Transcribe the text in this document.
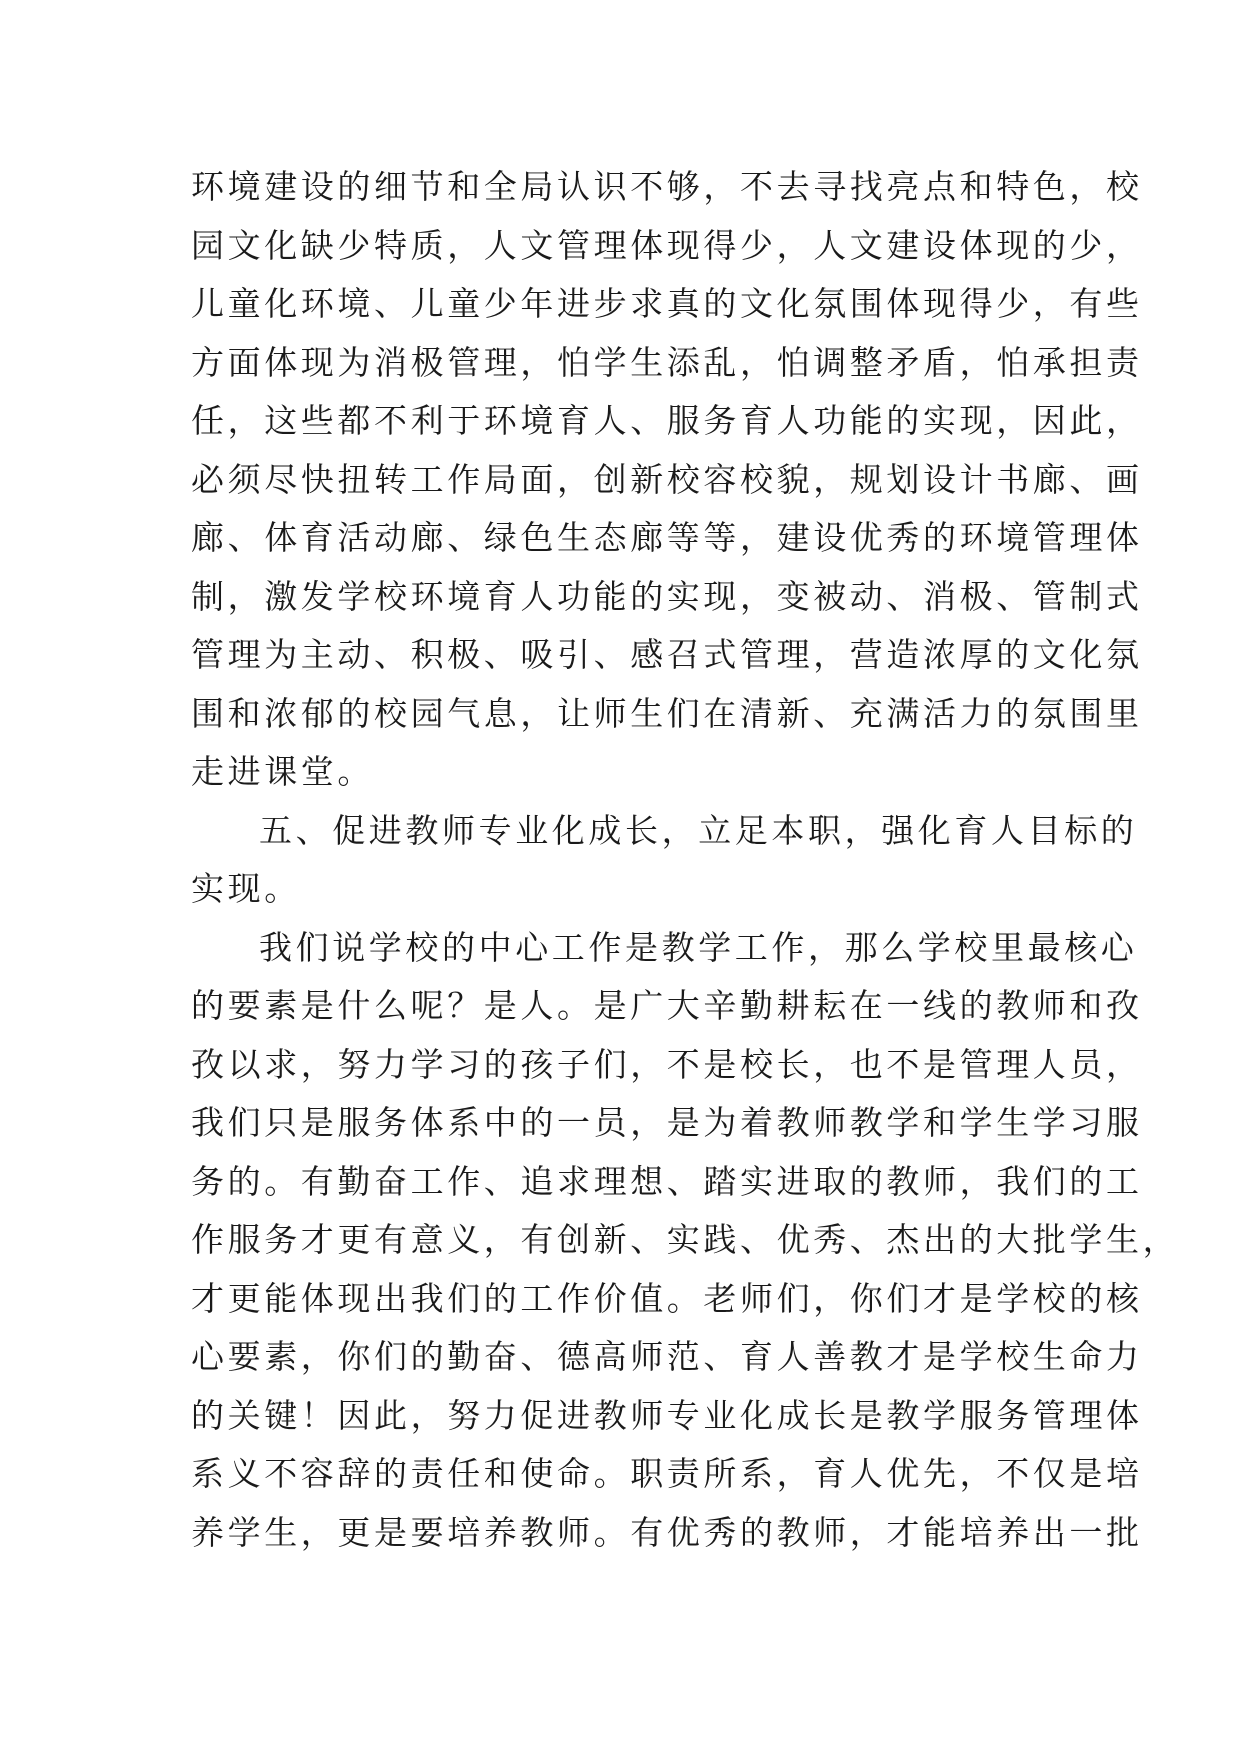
环境建设的细节和全局认识不够，不去寻找亮点和特色，校
园文化缺少特质，人文管理体现得少，人文建设体现的少，
儿童化环境、儿童少年进步求真的文化氛围体现得少，有些
方面体现为消极管理，怕学生添乱，怕调整矛盾，怕承担责
任，这些都不利于环境育人、服务育人功能的实现，因此，
必须尽快扭转工作局面，创新校容校貌，规划设计书廊、画
廊、体育活动廊、绿色生态廊等等，建设优秀的环境管理体
制，激发学校环境育人功能的实现，变被动、消极、管制式
管理为主动、积极、吸引、感召式管理，营造浓厚的文化氛
围和浓郁的校园气息，让师生们在清新、充满活力的氛围里
走进课堂。
五、促进教师专业化成长，立足本职，强化育人目标的
实现。
我们说学校的中心工作是教学工作，那么学校里最核心
的要素是什么呢？是人。是广大辛勤耕耘在一线的教师和孜
孜以求，努力学习的孩子们，不是校长，也不是管理人员，
我们只是服务体系中的一员，是为着教师教学和学生学习服
务的。有勤奋工作、追求理想、踏实进取的教师，我们的工
作服务才更有意义，有创新、实践、优秀、杰出的大批学生，
才更能体现出我们的工作价值。老师们，你们才是学校的核
心要素，你们的勤奋、德高师范、育人善教才是学校生命力
的关键！因此，努力促进教师专业化成长是教学服务管理体
系义不容辞的责任和使命。职责所系，育人优先，不仅是培
养学生，更是要培养教师。有优秀的教师，才能培养出一批
